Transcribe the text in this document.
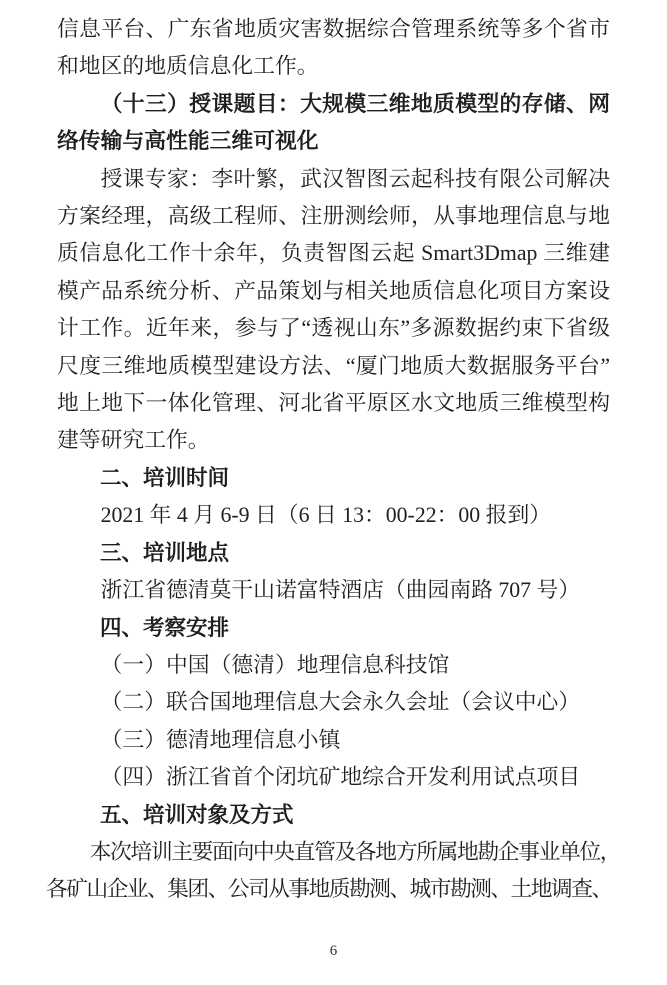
信息平台、广东省地质灾害数据综合管理系统等多个省市和地区的地质信息化工作。

（十三）授课题目：大规模三维地质模型的存储、网络传输与高性能三维可视化

授课专家：李叶繁，武汉智图云起科技有限公司解决方案经理，高级工程师、注册测绘师，从事地理信息与地质信息化工作十余年，负责智图云起 Smart3Dmap 三维建模产品系统分析、产品策划与相关地质信息化项目方案设计工作。近年来，参与了“透视山东”多源数据约束下省级尺度三维地质模型建设方法、“厦门地质大数据服务平台”地上地下一体化管理、河北省平原区水文地质三维模型构建等研究工作。

二、培训时间

2021 年 4 月 6-9 日（6 日 13：00-22：00 报到）

三、培训地点

浙江省德清莫干山诺富特酒店（曲园南路 707 号）

四、考察安排

（一）中国（德清）地理信息科技馆

（二）联合国地理信息大会永久会址（会议中心）

（三）德清地理信息小镇

（四）浙江省首个闭坑矿地综合开发利用试点项目

五、培训对象及方式

本次培训主要面向中央直管及各地方所属地勘企事业单位，各矿山企业、集团、公司从事地质勘测、城市勘测、土地调查、

6
